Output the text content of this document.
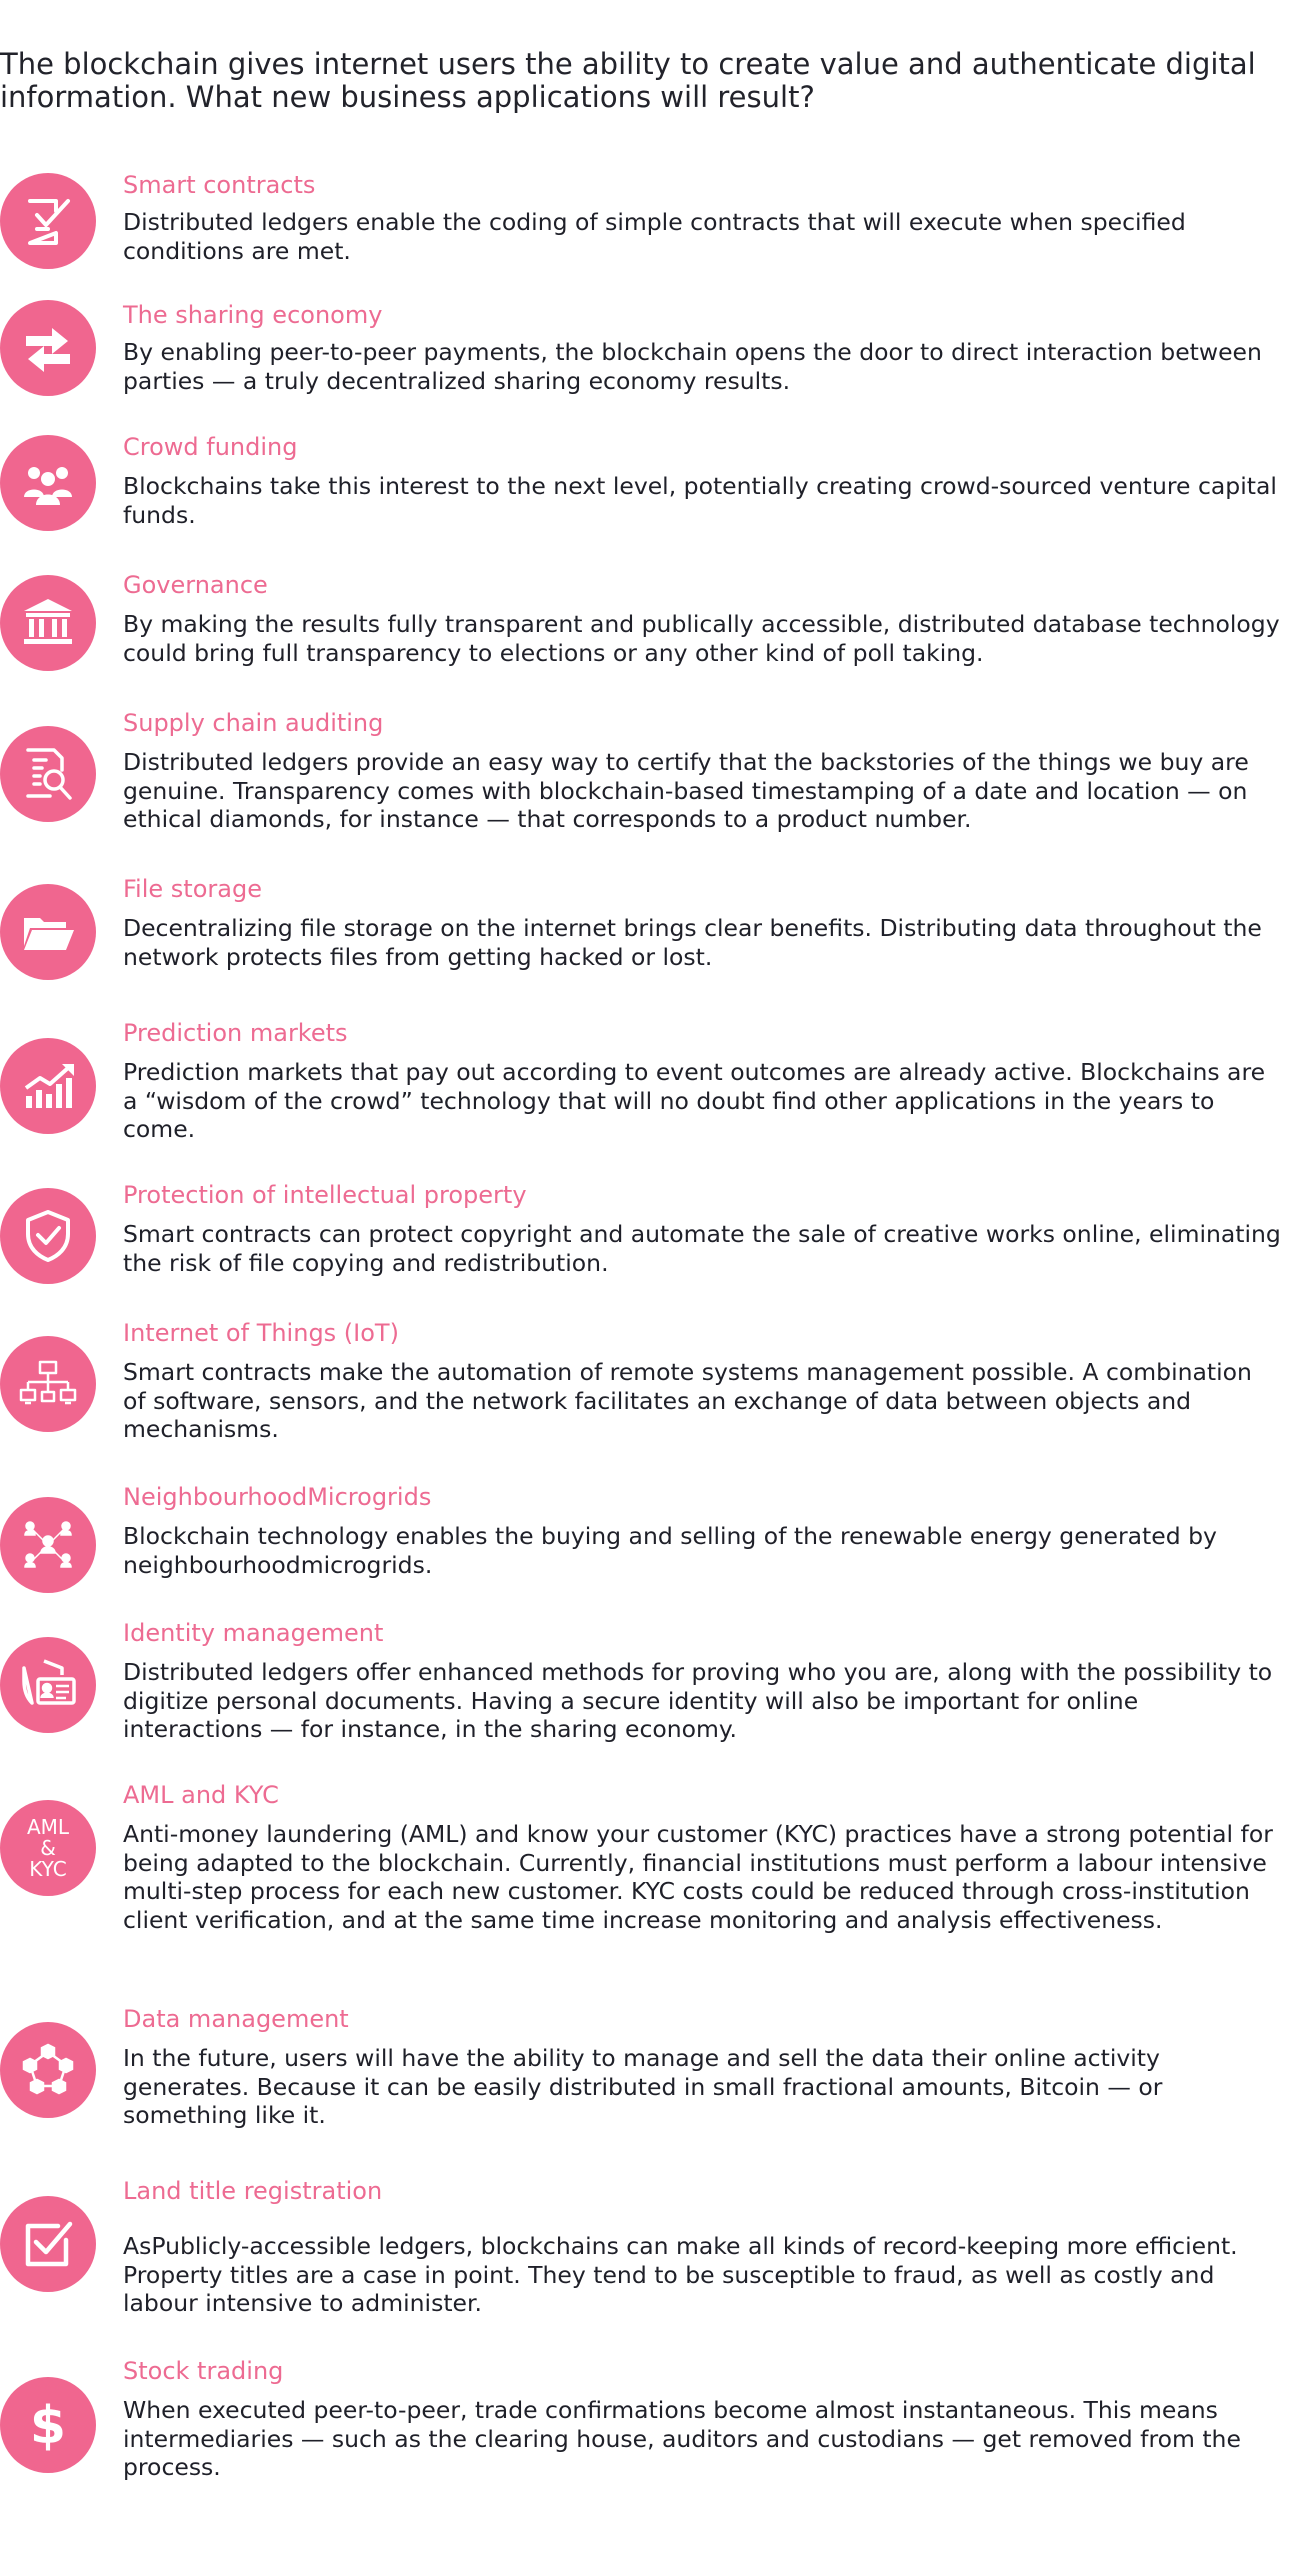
The blockchain gives internet users the ability to create value and authenticate digital information. What new business applications will result?

Smart contracts

Distributed ledgers enable the coding of simple contracts that will execute when specified conditions are met.

The sharing economy

By enabling peer-to-peer payments, the blockchain opens the door to direct interaction between parties — a truly decentralized sharing economy results.

Crowd funding

Blockchains take this interest to the next level, potentially creating crowd-sourced venture capital funds.

Governance

By making the results fully transparent and publically accessible, distributed database technology could bring full transparency to elections or any other kind of poll taking.

Supply chain auditing

Distributed ledgers provide an easy way to certify that the backstories of the things we buy are genuine. Transparency comes with blockchain-based timestamping of a date and location — on ethical diamonds, for instance — that corresponds to a product number.

File storage

Decentralizing file storage on the internet brings clear benefits. Distributing data throughout the network protects files from getting hacked or lost.

Prediction markets

Prediction markets that pay out according to event outcomes are already active. Blockchains are a “wisdom of the crowd” technology that will no doubt find other applications in the years to come.

Protection of intellectual property

Smart contracts can protect copyright and automate the sale of creative works online, eliminating the risk of file copying and redistribution.

Internet of Things (IoT)

Smart contracts make the automation of remote systems management possible. A combination of software, sensors, and the network facilitates an exchange of data between objects and mechanisms.

NeighbourhoodMicrogrids

Blockchain technology enables the buying and selling of the renewable energy generated by neighbourhoodmicrogrids.

Identity management

Distributed ledgers offer enhanced methods for proving who you are, along with the possibility to digitize personal documents. Having a secure identity will also be important for online interactions — for instance, in the sharing economy.

AML
&
KYC

AML and KYC

Anti-money laundering (AML) and know your customer (KYC) practices have a strong potential for being adapted to the blockchain. Currently, financial institutions must perform a labour intensive multi-step process for each new customer. KYC costs could be reduced through cross-institution client verification, and at the same time increase monitoring and analysis effectiveness.

Data management

In the future, users will have the ability to manage and sell the data their online activity generates. Because it can be easily distributed in small fractional amounts, Bitcoin — or something like it.

Land title registration

AsPublicly-accessible ledgers, blockchains can make all kinds of record-keeping more efficient. Property titles are a case in point. They tend to be susceptible to fraud, as well as costly and labour intensive to administer.

$

Stock trading

When executed peer-to-peer, trade confirmations become almost instantaneous. This means intermediaries — such as the clearing house, auditors and custodians — get removed from the process.
